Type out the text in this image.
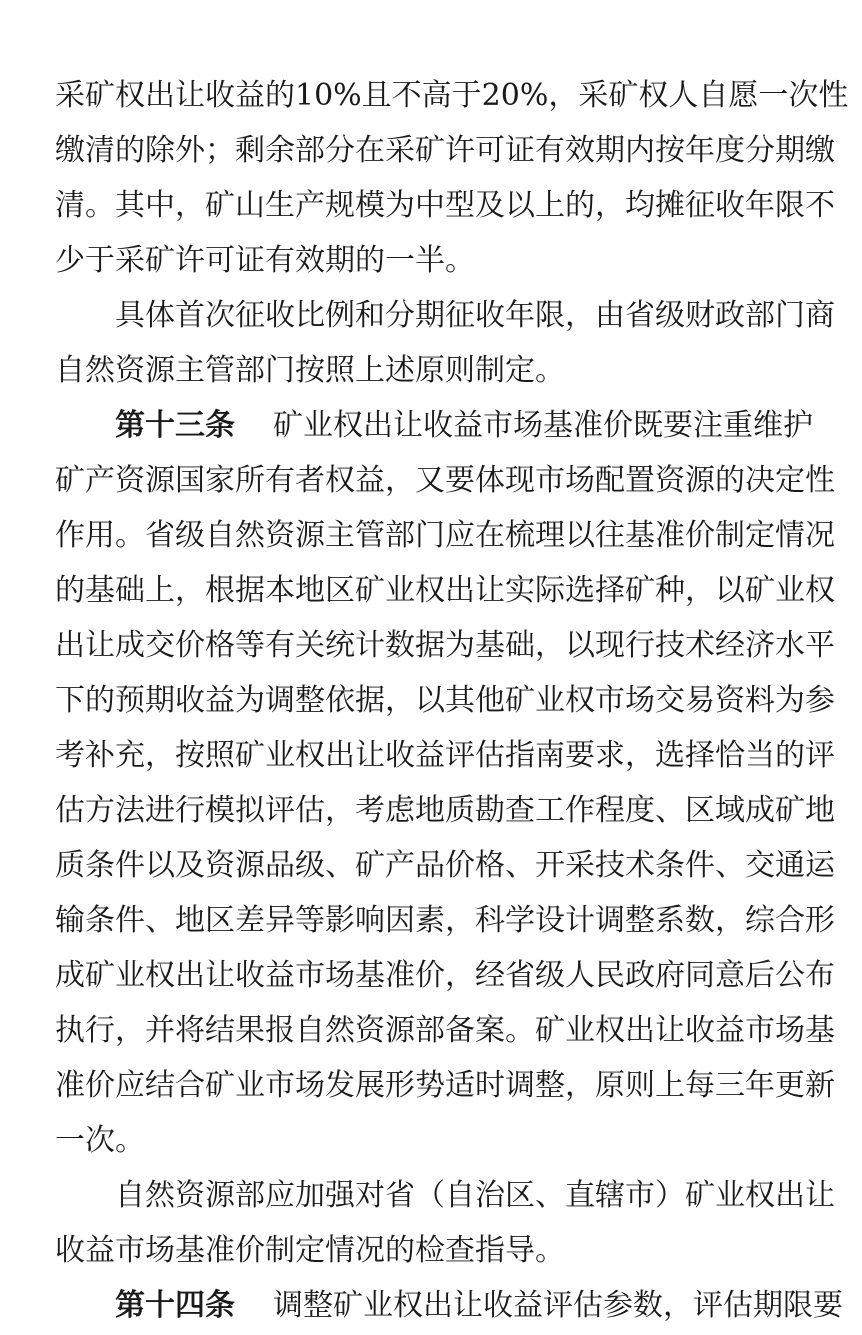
采矿权出让收益的10%且不高于20%，采矿权人自愿一次性
缴清的除外；剩余部分在采矿许可证有效期内按年度分期缴
清。其中，矿山生产规模为中型及以上的，均摊征收年限不
少于采矿许可证有效期的一半。
具体首次征收比例和分期征收年限，由省级财政部门商
自然资源主管部门按照上述原则制定。
第十三条 矿业权出让收益市场基准价既要注重维护
矿产资源国家所有者权益，又要体现市场配置资源的决定性
作用。省级自然资源主管部门应在梳理以往基准价制定情况
的基础上，根据本地区矿业权出让实际选择矿种，以矿业权
出让成交价格等有关统计数据为基础，以现行技术经济水平
下的预期收益为调整依据，以其他矿业权市场交易资料为参
考补充，按照矿业权出让收益评估指南要求，选择恰当的评
估方法进行模拟评估，考虑地质勘查工作程度、区域成矿地
质条件以及资源品级、矿产品价格、开采技术条件、交通运
输条件、地区差异等影响因素，科学设计调整系数，综合形
成矿业权出让收益市场基准价，经省级人民政府同意后公布
执行，并将结果报自然资源部备案。矿业权出让收益市场基
准价应结合矿业市场发展形势适时调整，原则上每三年更新
一次。
自然资源部应加强对省（自治区、直辖市）矿业权出让
收益市场基准价制定情况的检查指导。
第十四条 调整矿业权出让收益评估参数，评估期限要
